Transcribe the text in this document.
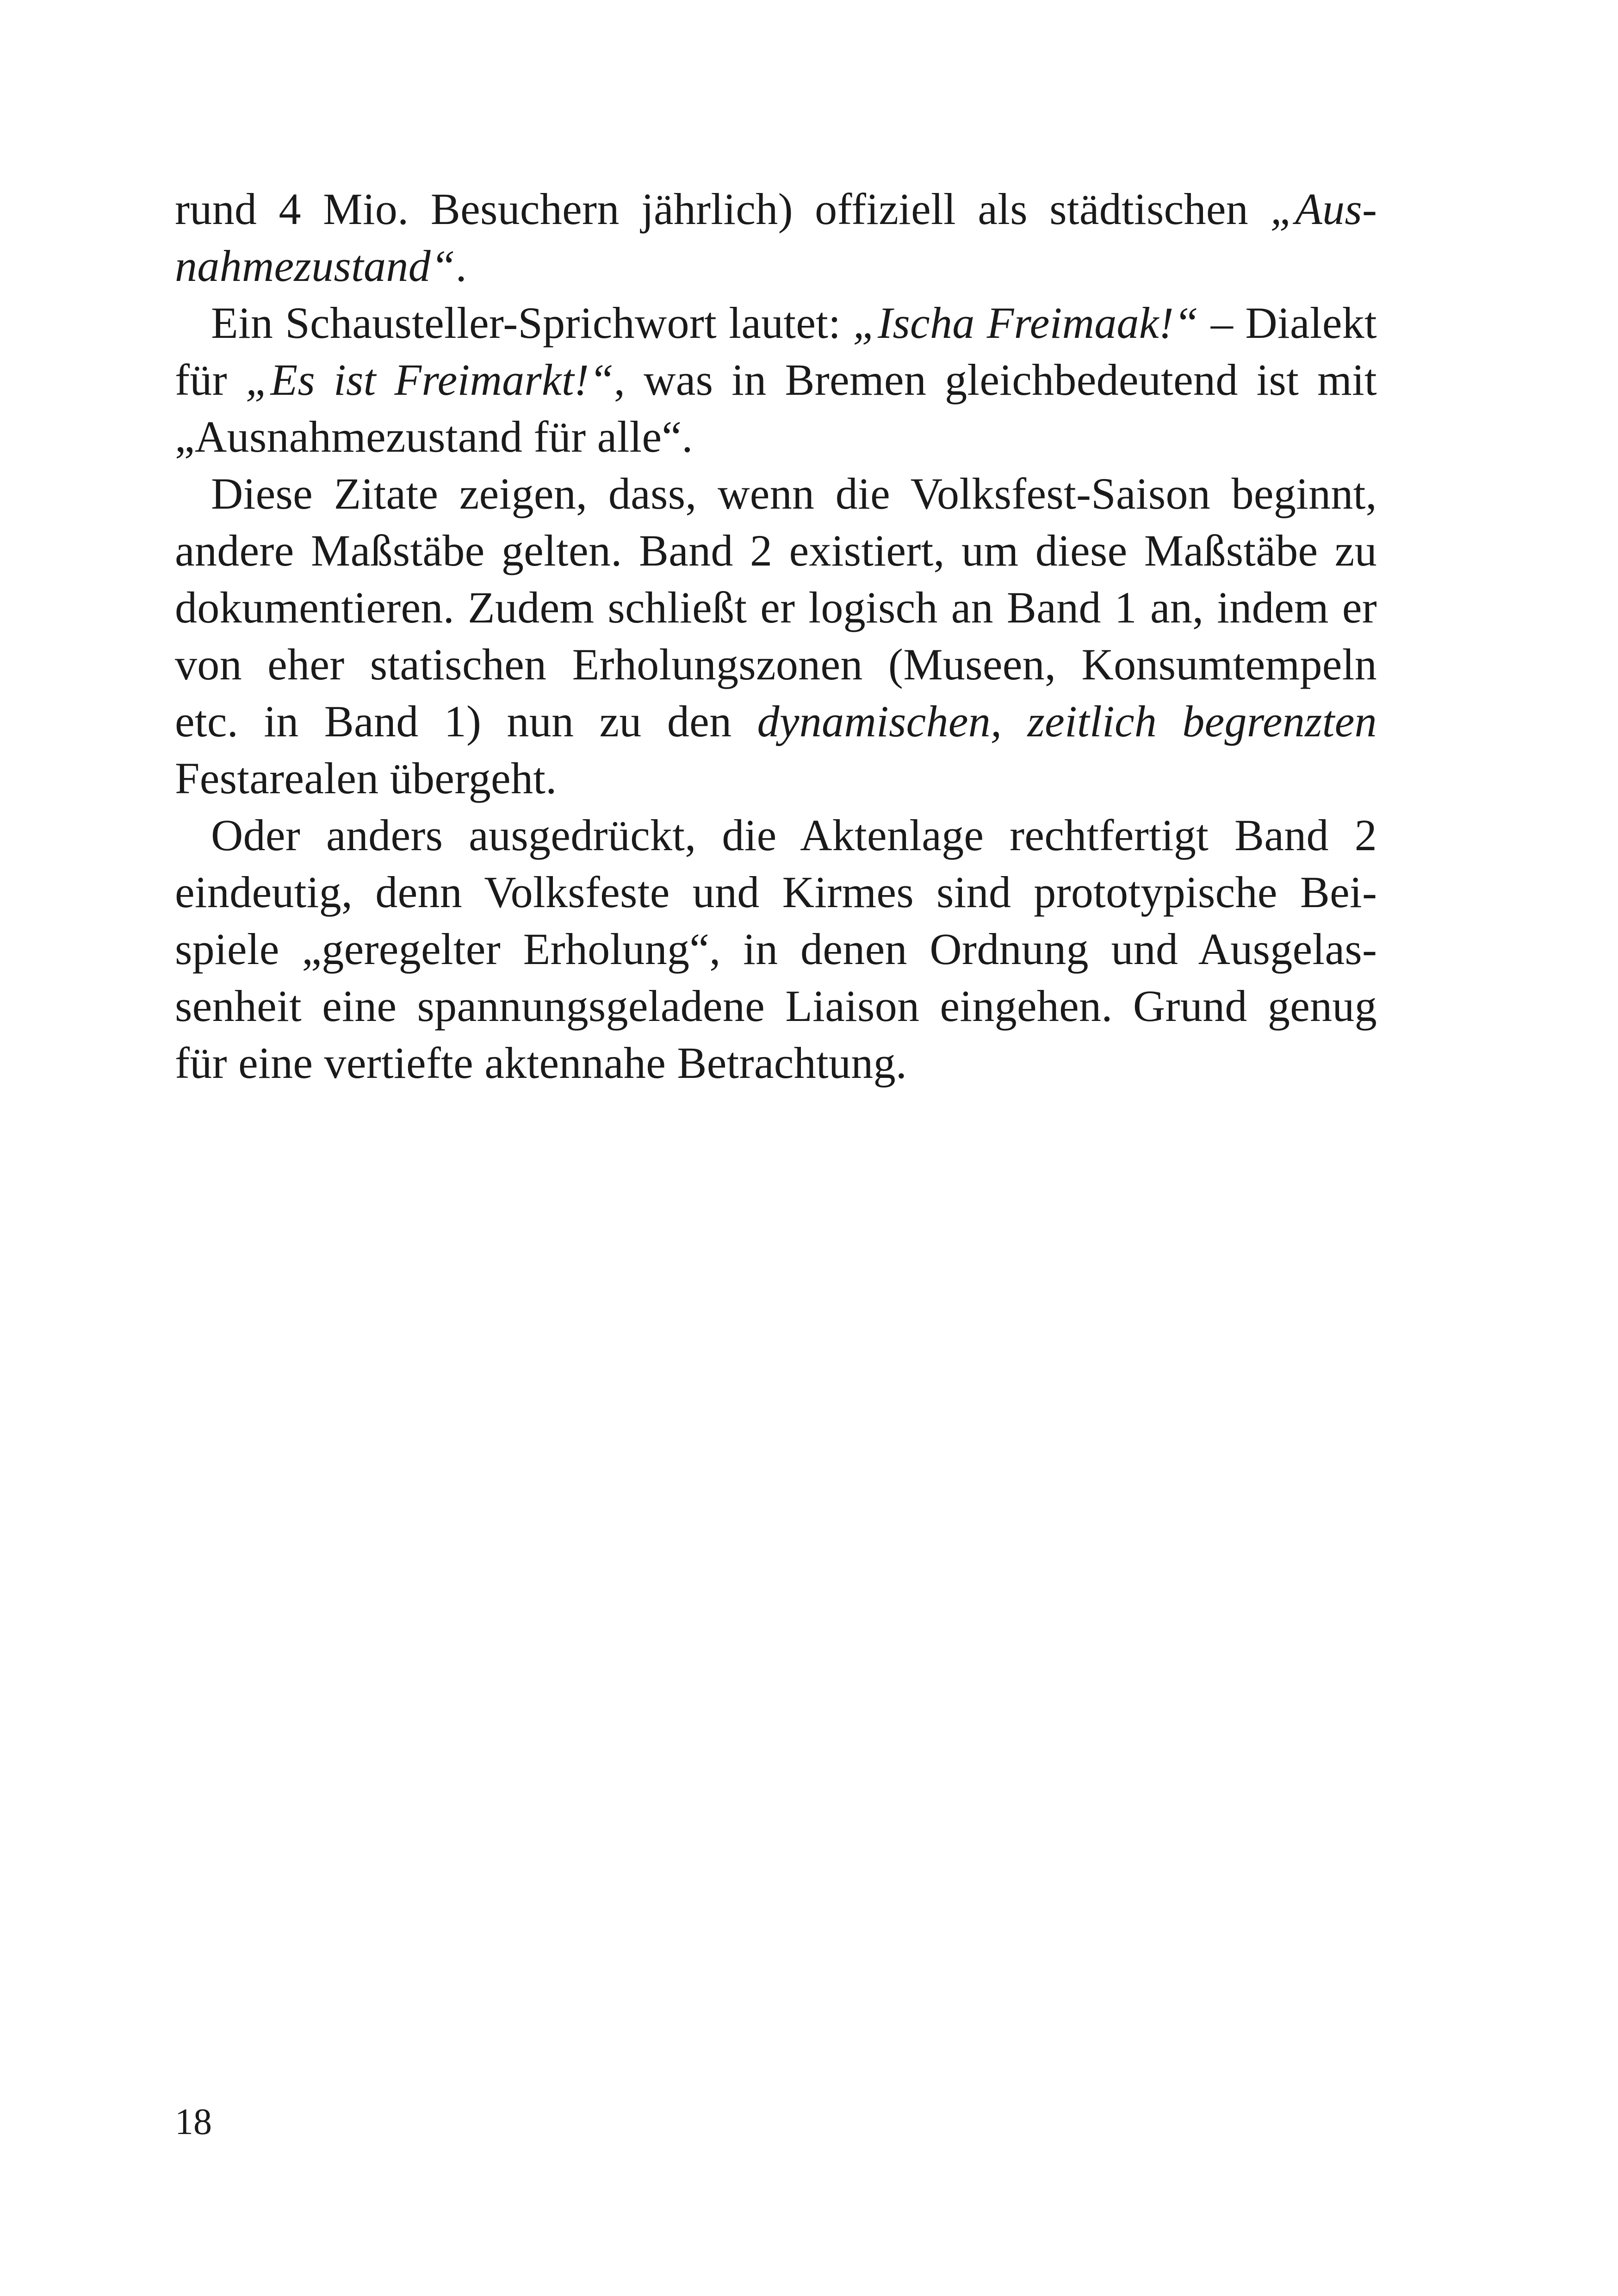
rund 4 Mio. Besuchern jährlich) offiziell als städtischen „Ausnahmezustand“.

Ein Schausteller-Sprichwort lautet: „Ischa Freimaak!“ – Dialekt für „Es ist Freimarkt!“, was in Bremen gleichbedeutend ist mit „Ausnahmezustand für alle“.

Diese Zitate zeigen, dass, wenn die Volksfest-Saison beginnt, andere Maßstäbe gelten. Band 2 existiert, um diese Maßstäbe zu dokumentieren. Zudem schließt er logisch an Band 1 an, indem er von eher statischen Erholungszonen (Museen, Konsumtempeln etc. in Band 1) nun zu den dynamischen, zeitlich begrenzten Festarealen übergeht.

Oder anders ausgedrückt, die Aktenlage rechtfertigt Band 2 eindeutig, denn Volksfeste und Kirmes sind prototypische Beispiele „geregelter Erholung“, in denen Ordnung und Ausgelassenheit eine spannungsgeladene Liaison eingehen. Grund genug für eine vertiefte aktennahe Betrachtung.

18
